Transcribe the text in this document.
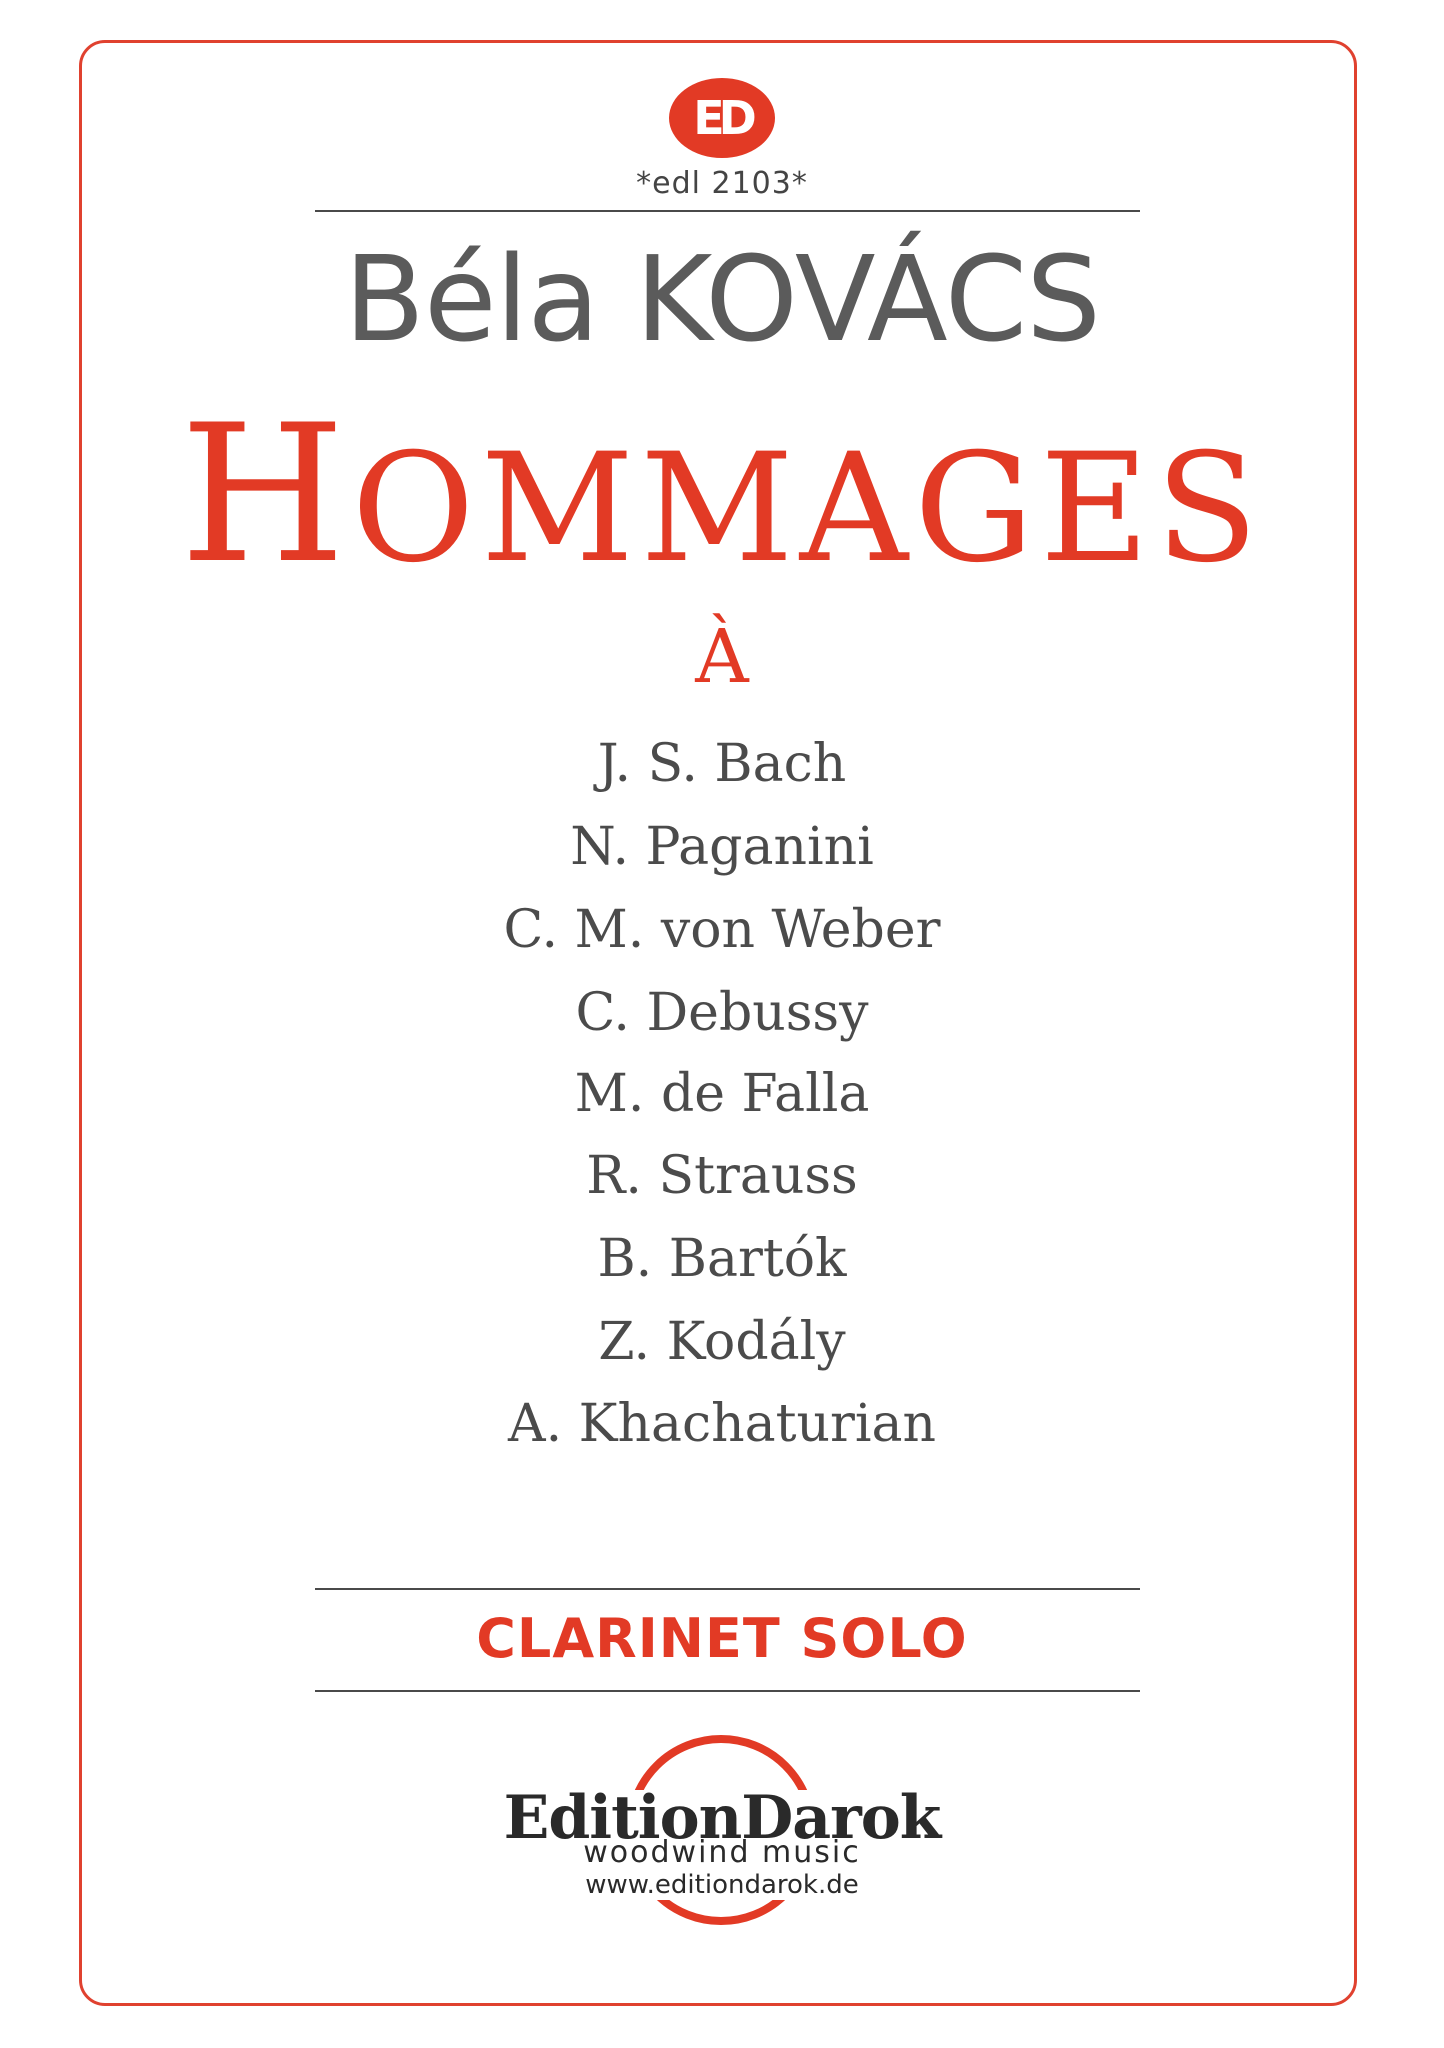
ED
*edl 2103*
Béla KOVÁCS
HOMMAGES
À
J. S. Bach
N. Paganini
C. M. von Weber
C. Debussy
M. de Falla
R. Strauss
B. Bartók
Z. Kodály
A. Khachaturian
CLARINET SOLO
EditionDarok
woodwind music
www.editiondarok.de
